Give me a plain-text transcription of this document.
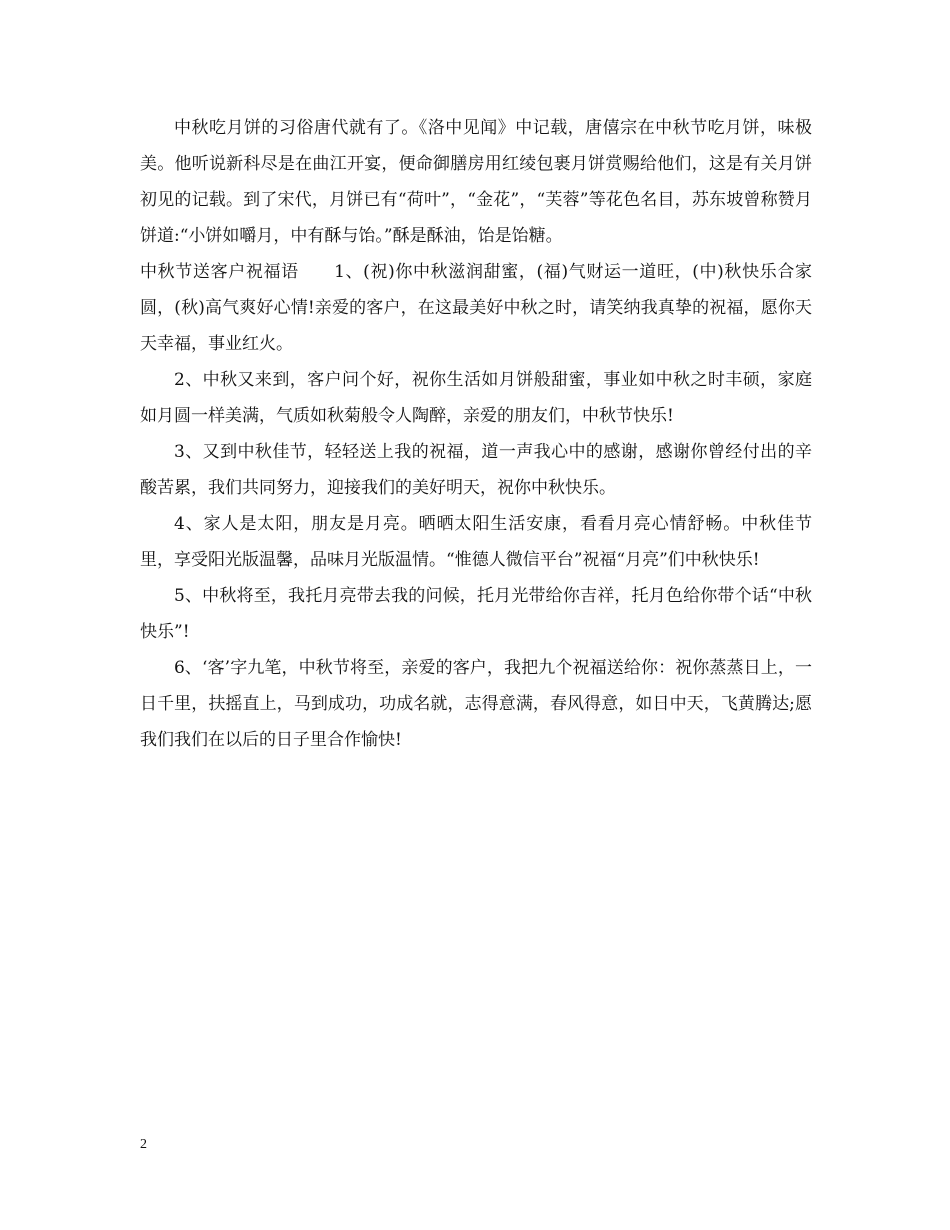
中秋吃月饼的习俗唐代就有了。《洛中见闻》中记载，唐僖宗在中秋节吃月饼，味极美。他听说新科尽是在曲江开宴，便命御膳房用红绫包裹月饼赏赐给他们，这是有关月饼初见的记载。到了宋代，月饼已有“荷叶”，“金花”，“芙蓉”等花色名目，苏东坡曾称赞月饼道:“小饼如嚼月，中有酥与饴。”酥是酥油，饴是饴糖。

中秋节送客户祝福语　　1、(祝)你中秋滋润甜蜜，(福)气财运一道旺，(中)秋快乐合家圆，(秋)高气爽好心情!亲爱的客户，在这最美好中秋之时，请笑纳我真挚的祝福，愿你天天幸福，事业红火。

2、中秋又来到，客户问个好，祝你生活如月饼般甜蜜，事业如中秋之时丰硕，家庭如月圆一样美满，气质如秋菊般令人陶醉，亲爱的朋友们，中秋节快乐!

3、又到中秋佳节，轻轻送上我的祝福，道一声我心中的感谢，感谢你曾经付出的辛酸苦累，我们共同努力，迎接我们的美好明天，祝你中秋快乐。

4、家人是太阳，朋友是月亮。晒晒太阳生活安康，看看月亮心情舒畅。中秋佳节里，享受阳光版温馨，品味月光版温情。“惟德人微信平台”祝福“月亮”们中秋快乐!

5、中秋将至，我托月亮带去我的问候，托月光带给你吉祥，托月色给你带个话“中秋快乐”!

6、‘客’字九笔，中秋节将至，亲爱的客户，我把九个祝福送给你：祝你蒸蒸日上，一日千里，扶摇直上，马到成功，功成名就，志得意满，春风得意，如日中天，飞黄腾达;愿我们我们在以后的日子里合作愉快!

2
